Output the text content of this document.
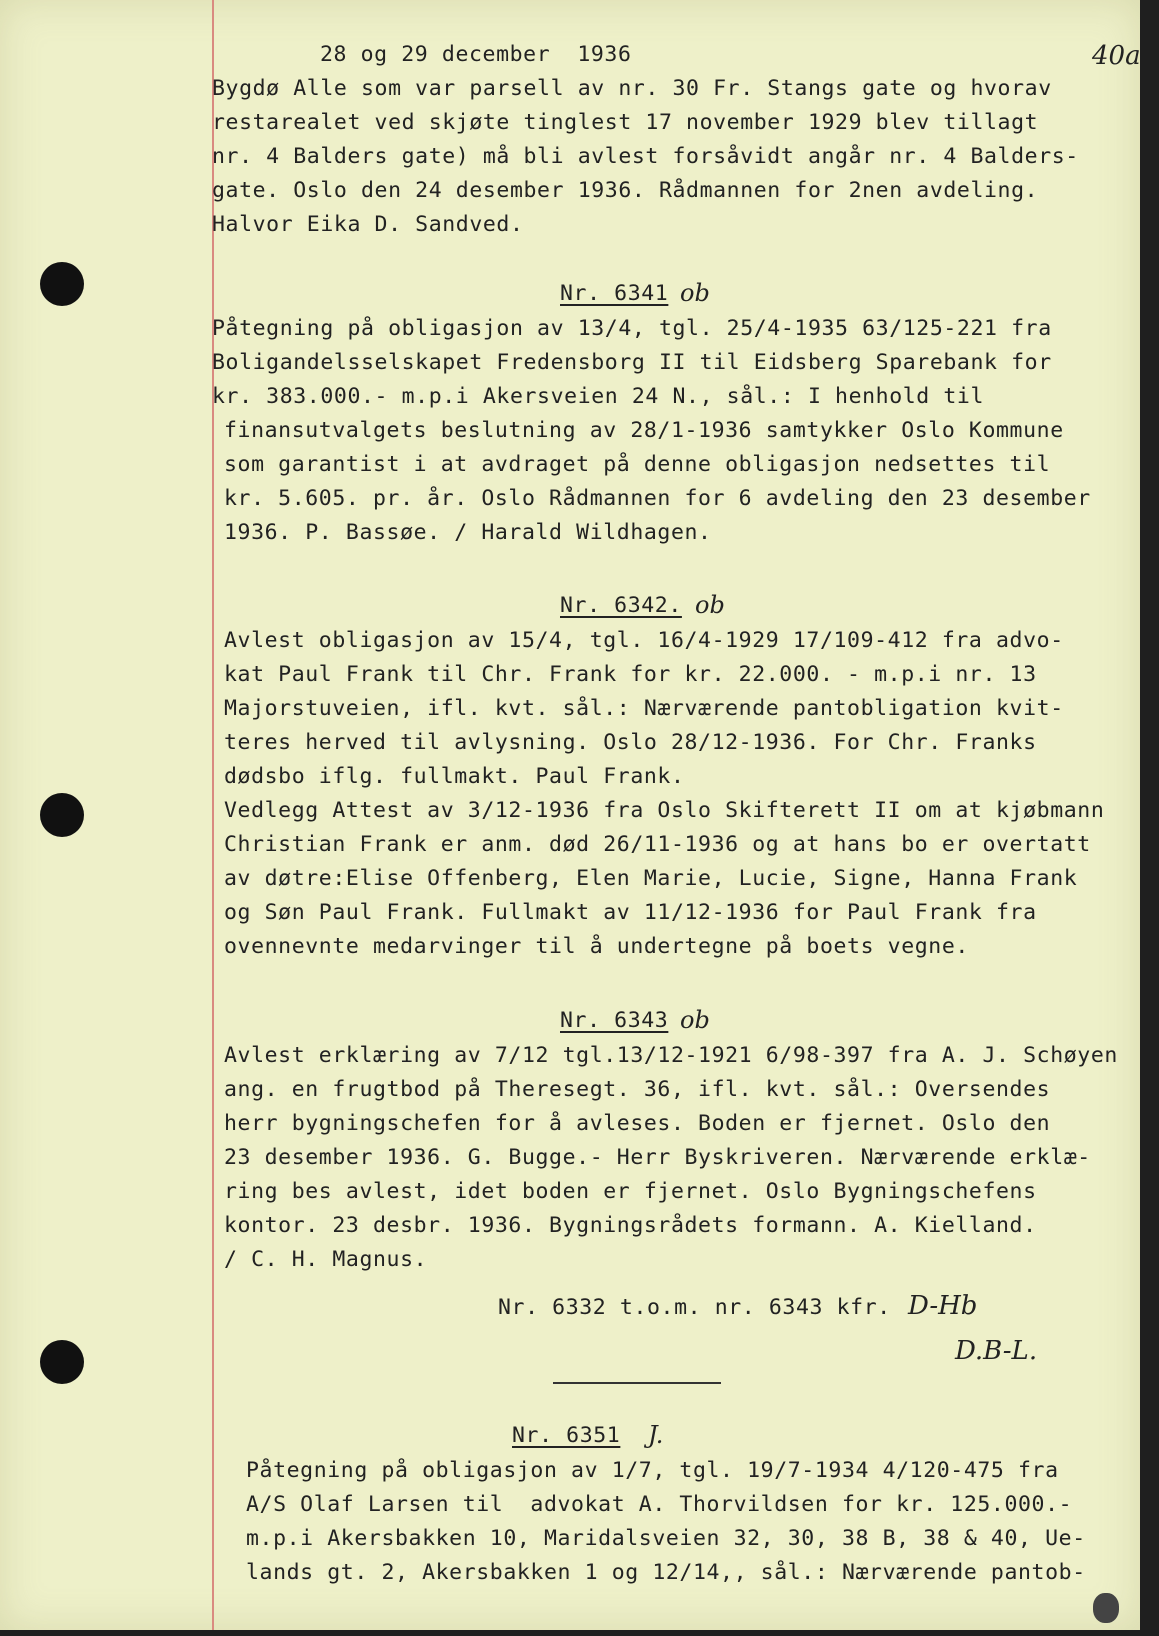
28 og 29 december  1936	40a
Bygdø Alle som var parsell av nr. 30 Fr. Stangs gate og hvorav
restarealet ved skjøte tinglest 17 november 1929 blev tillagt
nr. 4 Balders gate) må bli avlest forsåvidt angår nr. 4 Balders-
gate. Oslo den 24 desember 1936. Rådmannen for 2nen avdeling.
Halvor Eika D. Sandved.
Nr. 6341 ob
Påtegning på obligasjon av 13/4, tgl. 25/4-1935 63/125-221 fra
Boligandelsselskapet Fredensborg II til Eidsberg Sparebank for
kr. 383.000.- m.p.i Akersveien 24 N., sål.: I henhold til
finansutvalgets beslutning av 28/1-1936 samtykker Oslo Kommune
som garantist i at avdraget på denne obligasjon nedsettes til
kr. 5.605. pr. år. Oslo Rådmannen for 6 avdeling den 23 desember
1936. P. Bassøe. / Harald Wildhagen.
Nr. 6342. ob
Avlest obligasjon av 15/4, tgl. 16/4-1929 17/109-412 fra advo-
kat Paul Frank til Chr. Frank for kr. 22.000. - m.p.i nr. 13
Majorstuveien, ifl. kvt. sål.: Nærværende pantobligation kvit-
teres herved til avlysning. Oslo 28/12-1936. For Chr. Franks
dødsbo iflg. fullmakt. Paul Frank.
Vedlegg Attest av 3/12-1936 fra Oslo Skifterett II om at kjøbmann
Christian Frank er anm. død 26/11-1936 og at hans bo er overtatt
av døtre:Elise Offenberg, Elen Marie, Lucie, Signe, Hanna Frank
og Søn Paul Frank. Fullmakt av 11/12-1936 for Paul Frank fra
ovennevnte medarvinger til å undertegne på boets vegne.
Nr. 6343 ob
Avlest erklæring av 7/12 tgl.13/12-1921 6/98-397 fra A. J. Schøyen
ang. en frugtbod på Theresegt. 36, ifl. kvt. sål.: Oversendes
herr bygningschefen for å avleses. Boden er fjernet. Oslo den
23 desember 1936. G. Bugge.- Herr Byskriveren. Nærværende erklæ-
ring bes avlest, idet boden er fjernet. Oslo Bygningschefens
kontor. 23 desbr. 1936. Bygningsrådets formann. A. Kielland.
/ C. H. Magnus.
Nr. 6332 t.o.m. nr. 6343 kfr. D-Hb
D.B-L.
Nr. 6351 J.
Påtegning på obligasjon av 1/7, tgl. 19/7-1934 4/120-475 fra
A/S Olaf Larsen til  advokat A. Thorvildsen for kr. 125.000.-
m.p.i Akersbakken 10, Maridalsveien 32, 30, 38 B, 38 & 40, Ue-
lands gt. 2, Akersbakken 1 og 12/14,, sål.: Nærværende pantob-
